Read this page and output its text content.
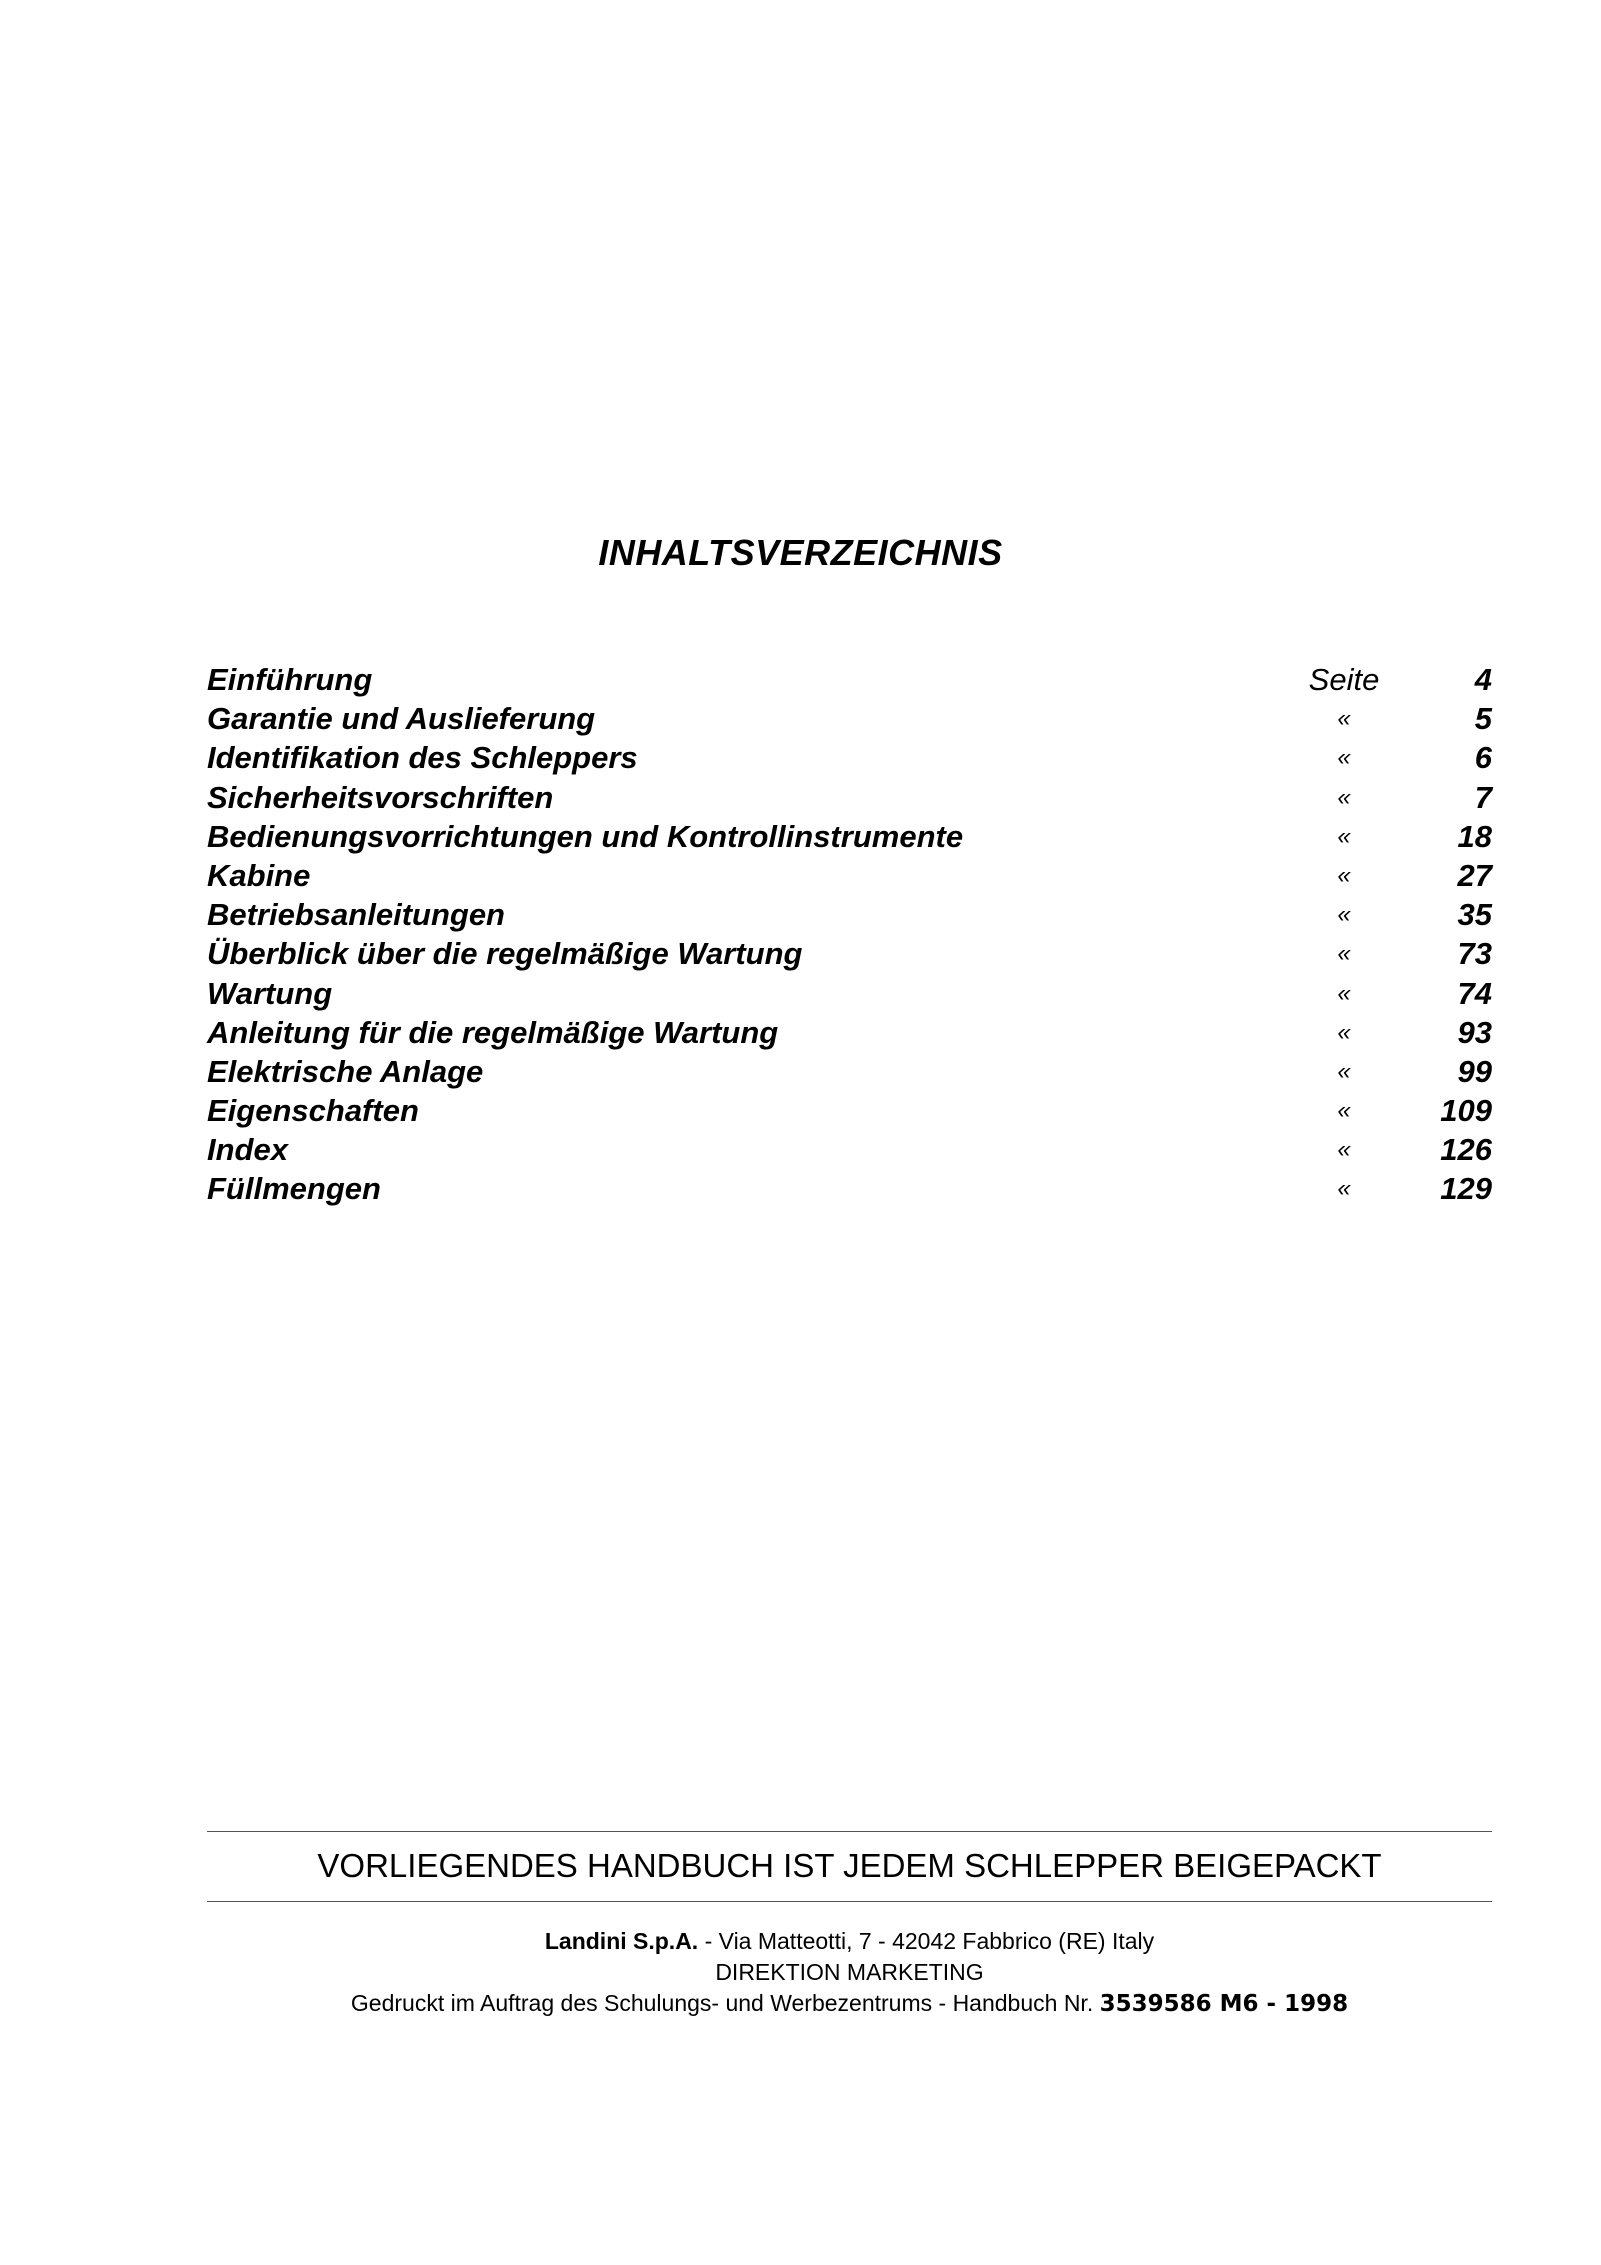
INHALTSVERZEICHNIS
Einführung	Seite	4
Garantie und Auslieferung	«	5
Identifikation des Schleppers	«	6
Sicherheitsvorschriften	«	7
Bedienungsvorrichtungen und Kontrollinstrumente	«	18
Kabine	«	27
Betriebsanleitungen	«	35
Überblick über die regelmäßige Wartung	«	73
Wartung	«	74
Anleitung für die regelmäßige Wartung	«	93
Elektrische Anlage	«	99
Eigenschaften	«	109
Index	«	126
Füllmengen	«	129
VORLIEGENDES HANDBUCH IST JEDEM SCHLEPPER BEIGEPACKT
Landini S.p.A. - Via Matteotti, 7 - 42042 Fabbrico (RE) Italy
DIREKTION MARKETING
Gedruckt im Auftrag des Schulungs- und Werbezentrums - Handbuch Nr. 3539586 M6 - 1998
